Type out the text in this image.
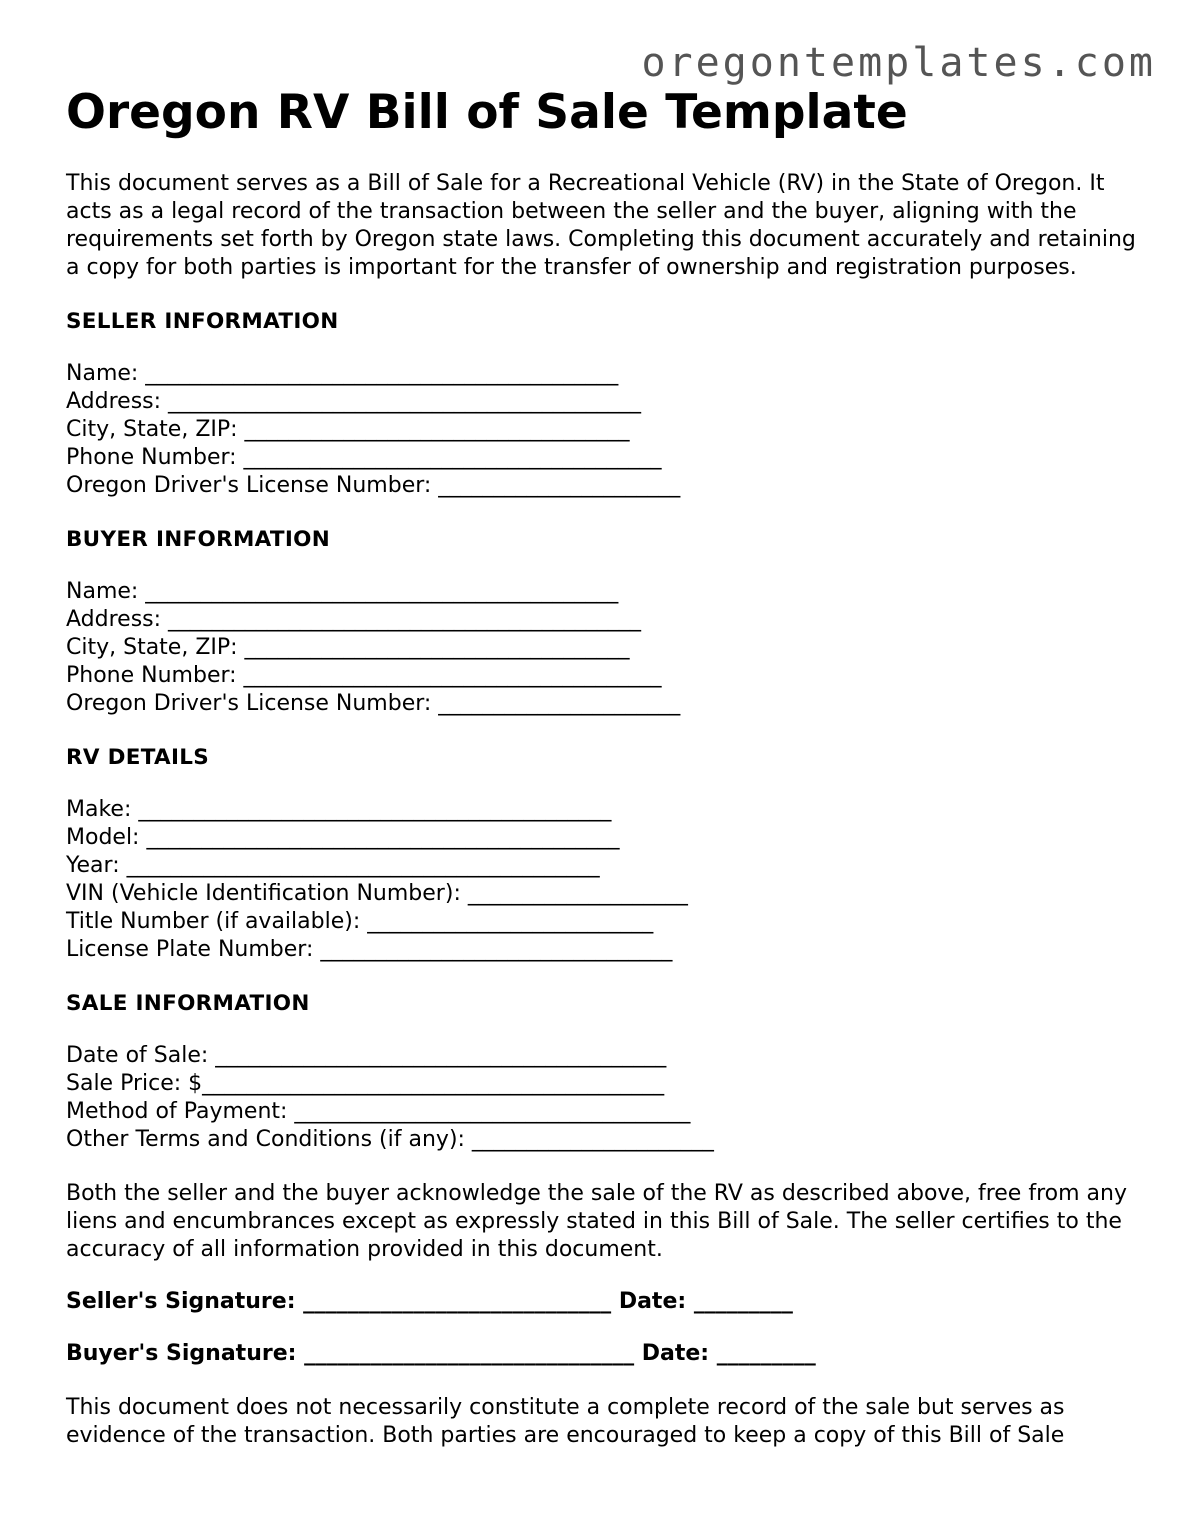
oregontemplates.com
Oregon RV Bill of Sale Template

This document serves as a Bill of Sale for a Recreational Vehicle (RV) in the State of Oregon. It acts as a legal record of the transaction between the seller and the buyer, aligning with the requirements set forth by Oregon state laws. Completing this document accurately and retaining a copy for both parties is important for the transfer of ownership and registration purposes.

SELLER INFORMATION
Name: ___________________________________________
Address: ___________________________________________
City, State, ZIP: ___________________________________
Phone Number: ______________________________________
Oregon Driver's License Number: ______________________
BUYER INFORMATION
Name: ___________________________________________
Address: ___________________________________________
City, State, ZIP: ___________________________________
Phone Number: ______________________________________
Oregon Driver's License Number: ______________________
RV DETAILS
Make: ___________________________________________
Model: ___________________________________________
Year: ___________________________________________
VIN (Vehicle Identification Number): ____________________
Title Number (if available): __________________________
License Plate Number: ________________________________
SALE INFORMATION
Date of Sale: _________________________________________
Sale Price: $__________________________________________
Method of Payment: ____________________________________
Other Terms and Conditions (if any): ______________________

Both the seller and the buyer acknowledge the sale of the RV as described above, free from any liens and encumbrances except as expressly stated in this Bill of Sale. The seller certifies to the accuracy of all information provided in this document.

Seller's Signature: ____________________________ Date: _________
Buyer's Signature: ______________________________ Date: _________

This document does not necessarily constitute a complete record of the sale but serves as evidence of the transaction. Both parties are encouraged to keep a copy of this Bill of Sale
